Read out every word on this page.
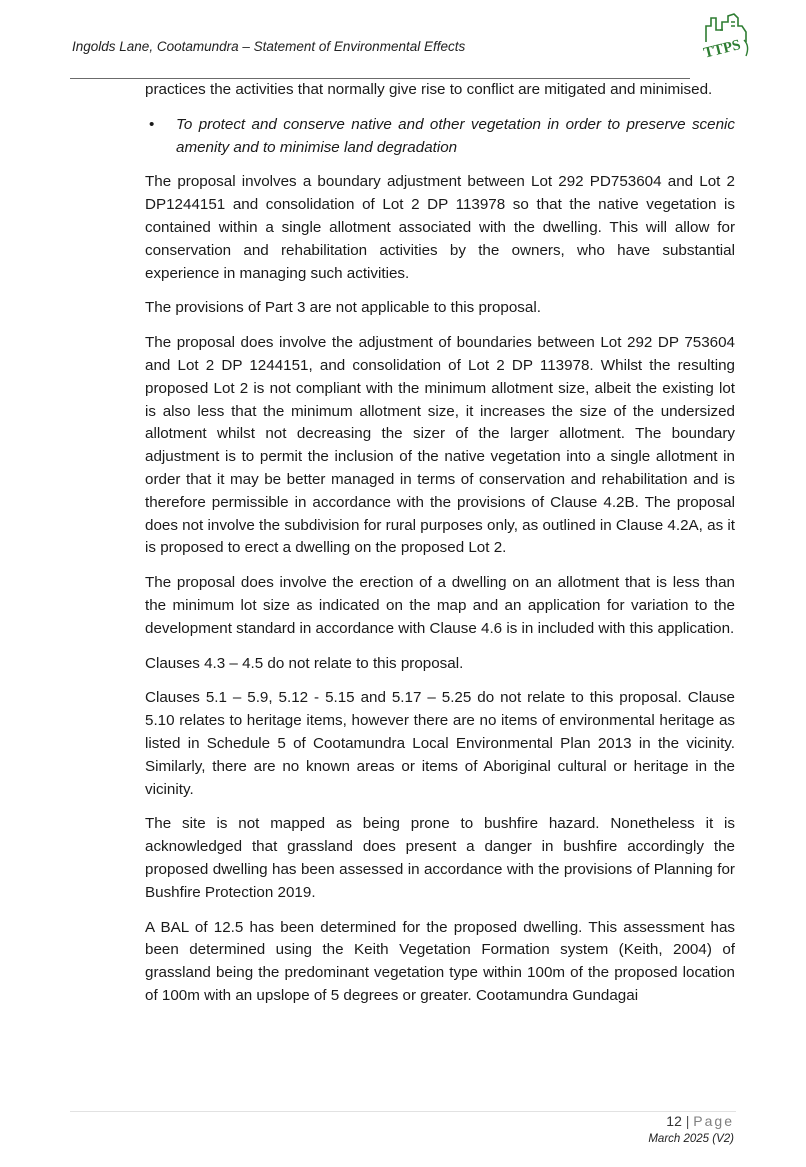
Ingolds Lane, Cootamundra – Statement of Environmental Effects	TTPS

practices the activities that normally give rise to conflict are mitigated and minimised.

• To protect and conserve native and other vegetation in order to preserve scenic amenity and to minimise land degradation

The proposal involves a boundary adjustment between Lot 292 PD753604 and Lot 2 DP1244151 and consolidation of Lot 2 DP 113978 so that the native vegetation is contained within a single allotment associated with the dwelling. This will allow for conservation and rehabilitation activities by the owners, who have substantial experience in managing such activities.

The provisions of Part 3 are not applicable to this proposal.

The proposal does involve the adjustment of boundaries between Lot 292 DP 753604 and Lot 2 DP 1244151, and consolidation of Lot 2 DP 113978. Whilst the resulting proposed Lot 2 is not compliant with the minimum allotment size, albeit the existing lot is also less that the minimum allotment size, it increases the size of the undersized allotment whilst not decreasing the sizer of the larger allotment. The boundary adjustment is to permit the inclusion of the native vegetation into a single allotment in order that it may be better managed in terms of conservation and rehabilitation and is therefore permissible in accordance with the provisions of Clause 4.2B. The proposal does not involve the subdivision for rural purposes only, as outlined in Clause 4.2A, as it is proposed to erect a dwelling on the proposed Lot 2.

The proposal does involve the erection of a dwelling on an allotment that is less than the minimum lot size as indicated on the map and an application for variation to the development standard in accordance with Clause 4.6 is in included with this application.

Clauses 4.3 – 4.5 do not relate to this proposal.

Clauses 5.1 – 5.9, 5.12 - 5.15 and 5.17 – 5.25 do not relate to this proposal. Clause 5.10 relates to heritage items, however there are no items of environmental heritage as listed in Schedule 5 of Cootamundra Local Environmental Plan 2013 in the vicinity. Similarly, there are no known areas or items of Aboriginal cultural or heritage in the vicinity.

The site is not mapped as being prone to bushfire hazard. Nonetheless it is acknowledged that grassland does present a danger in bushfire accordingly the proposed dwelling has been assessed in accordance with the provisions of Planning for Bushfire Protection 2019.

A BAL of 12.5 has been determined for the proposed dwelling. This assessment has been determined using the Keith Vegetation Formation system (Keith, 2004) of grassland being the predominant vegetation type within 100m of the proposed location of 100m with an upslope of 5 degrees or greater. Cootamundra Gundagai

12 | Page
March 2025 (V2)
